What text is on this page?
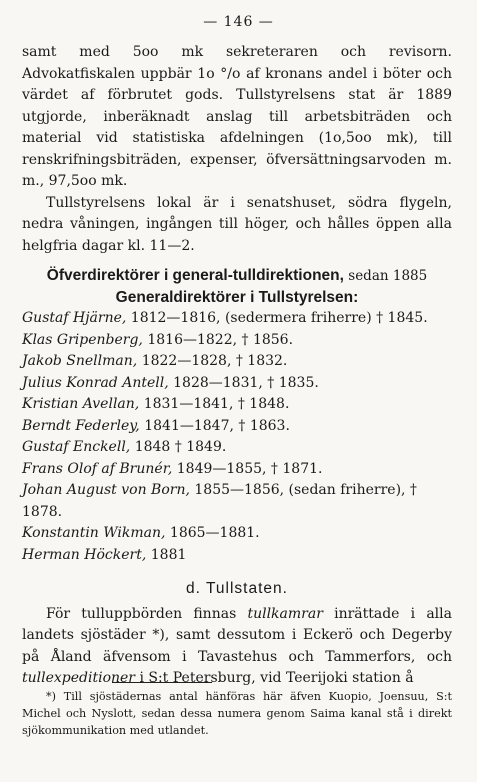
— 146 —

samt med 5oo mk sekreteraren och revisorn. Advokatfiskalen uppbär 1o °/o af kronans andel i böter och värdet af förbrutet gods. Tullstyrelsens stat är 1889 utgjorde, inberäknadt anslag till arbetsbiträden och material vid statistiska afdelningen (1o,5oo mk), till renskrifningsbiträden, expenser, öfversättningsarvoden m. m., 97,5oo mk.

Tullstyrelsens lokal är i senatshuset, södra flygeln, nedra våningen, ingången till höger, och hålles öppen alla helgfria dagar kl. 11—2.

Öfverdirektörer i general-tulldirektionen, sedan 1885
Generaldirektörer i Tullstyrelsen:
Gustaf Hjärne, 1812—1816, (sedermera friherre) † 1845.
Klas Gripenberg, 1816—1822, † 1856.
Jakob Snellman, 1822—1828, † 1832.
Julius Konrad Antell, 1828—1831, † 1835.
Kristian Avellan, 1831—1841, † 1848.
Berndt Federley, 1841—1847, † 1863.
Gustaf Enckell, 1848 † 1849.
Frans Olof af Brunér, 1849—1855, † 1871.
Johan August von Born, 1855—1856, (sedan friherre), † 1878.
Konstantin Wikman, 1865—1881.
Herman Höckert, 1881
d. Tullstaten.

För tulluppbörden finnas tullkamrar inrättade i alla landets sjöstäder *), samt dessutom i Eckerö och Degerby på Åland äfvensom i Tavastehus och Tammerfors, och tullexpeditioner i S:t Petersburg, vid Teerijoki station å

*) Till sjöstädernas antal hänföras här äfven Kuopio, Joensuu, S:t Michel och Nyslott, sedan dessa numera genom Saima kanal stå i direkt sjökommunikation med utlandet.
